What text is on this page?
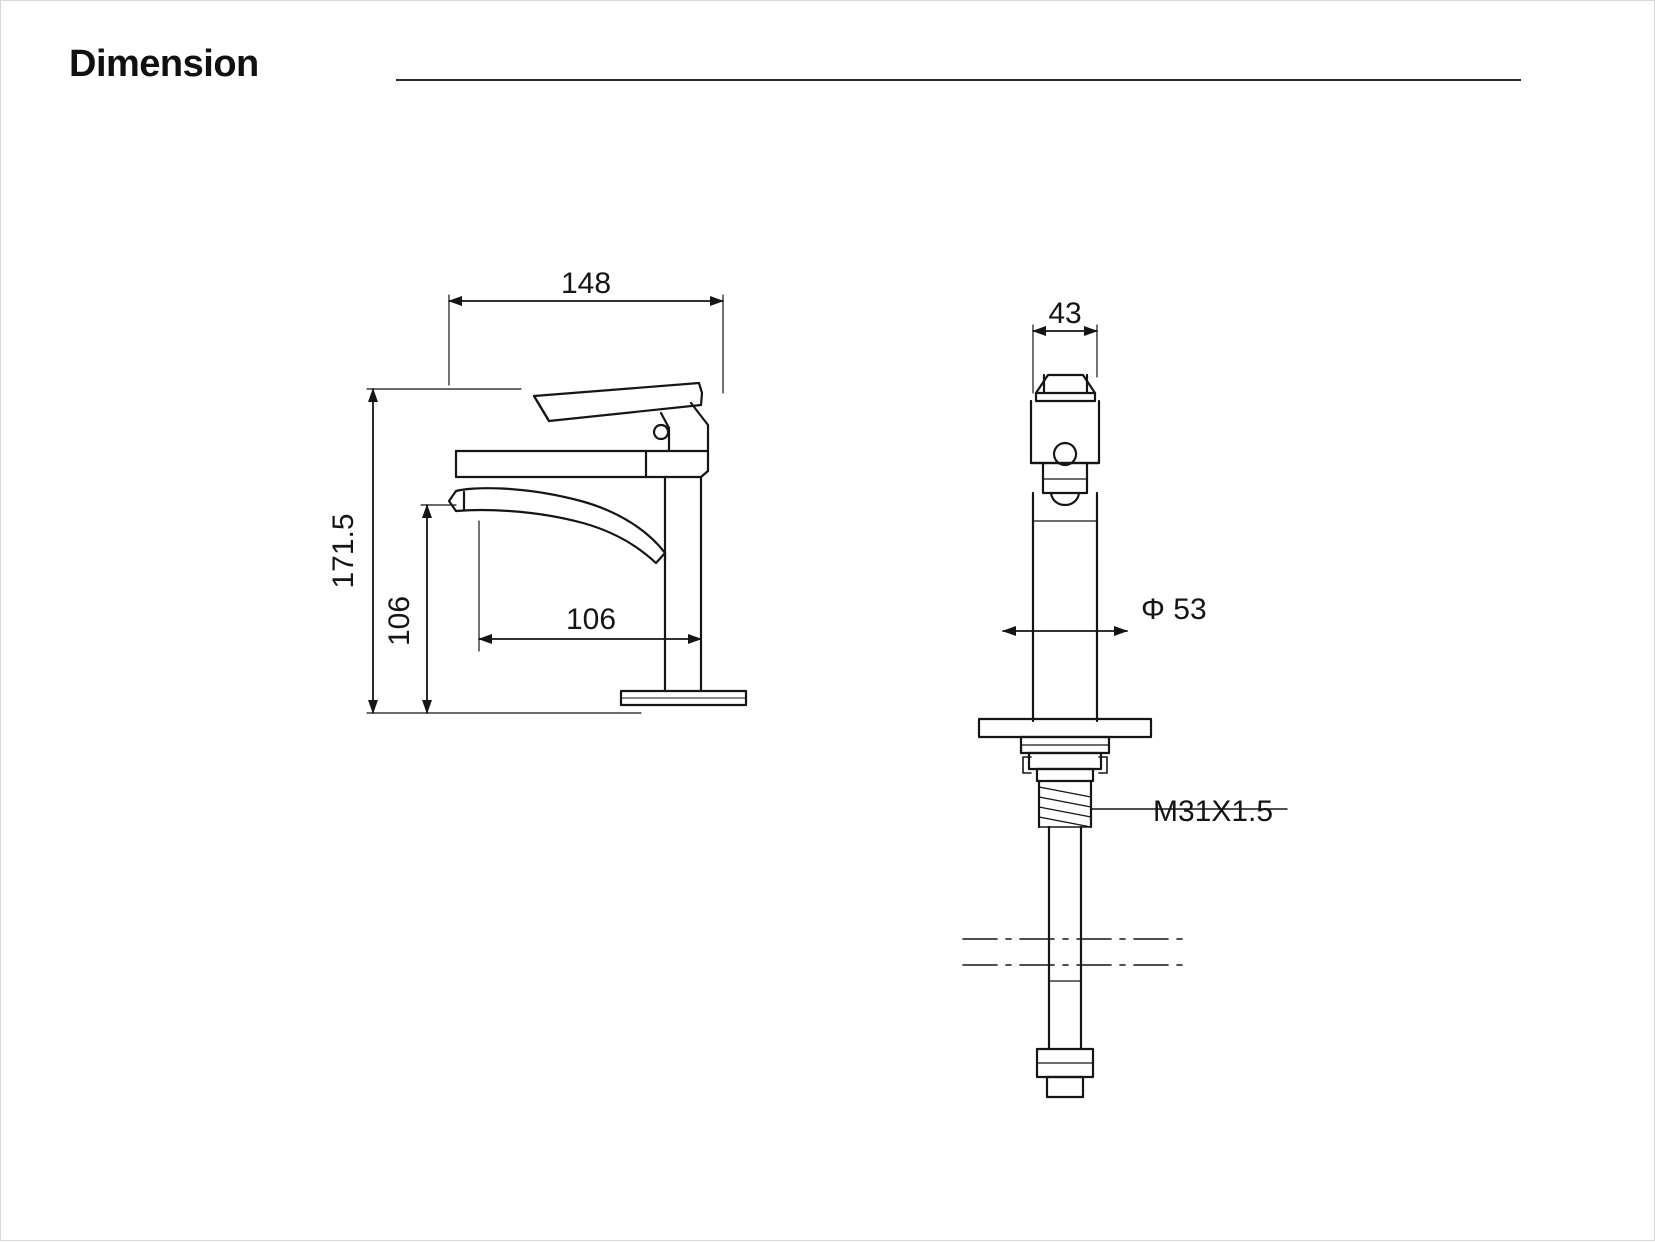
Dimension
148
106
171.5
106
43
Φ 53
M31X1.5
